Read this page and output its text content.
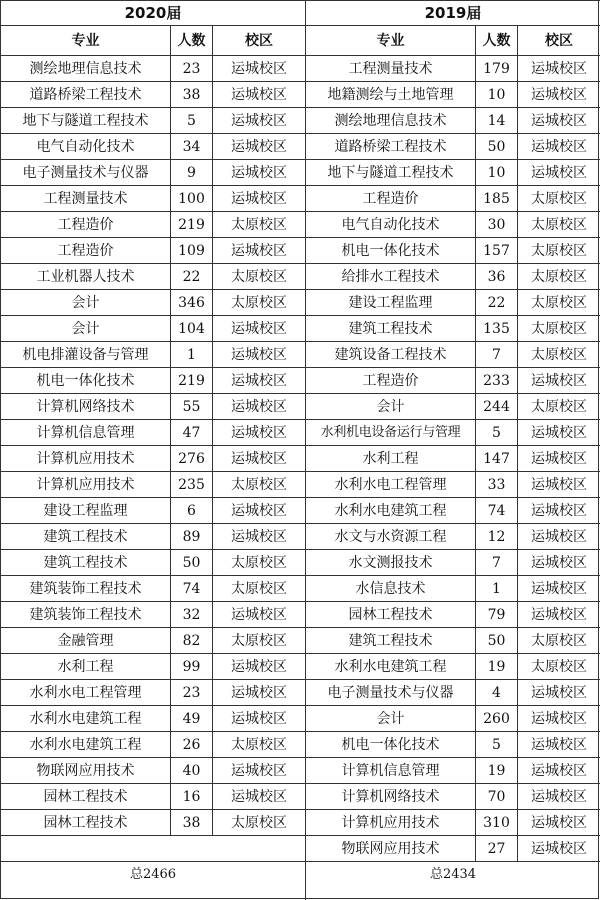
2020届		
专业	人数	校区
测绘地理信息技术	23	运城校区
道路桥梁工程技术	38	运城校区
地下与隧道工程技术	5	运城校区
电气自动化技术	34	运城校区
电子测量技术与仪器	9	运城校区
工程测量技术	100	运城校区
工程造价	219	太原校区
工程造价	109	运城校区
工业机器人技术	22	太原校区
会计	346	太原校区
会计	104	运城校区
机电排灌设备与管理	1	运城校区
机电一体化技术	219	运城校区
计算机网络技术	55	运城校区
计算机信息管理	47	运城校区
计算机应用技术	276	运城校区
计算机应用技术	235	太原校区
建设工程监理	6	运城校区
建筑工程技术	89	运城校区
建筑工程技术	50	太原校区
建筑装饰工程技术	74	太原校区
建筑装饰工程技术	32	运城校区
金融管理	82	太原校区
水利工程	99	运城校区
水利水电工程管理	23	运城校区
水利水电建筑工程	49	运城校区
水利水电建筑工程	26	太原校区
物联网应用技术	40	运城校区
园林工程技术	16	运城校区
园林工程技术	38	太原校区

总2466		
2019届		
专业	人数	校区
工程测量技术	179	运城校区
地籍测绘与土地管理	10	运城校区
测绘地理信息技术	14	运城校区
道路桥梁工程技术	50	运城校区
地下与隧道工程技术	10	运城校区
工程造价	185	太原校区
电气自动化技术	30	太原校区
机电一体化技术	157	太原校区
给排水工程技术	36	太原校区
建设工程监理	22	太原校区
建筑工程技术	135	太原校区
建筑设备工程技术	7	太原校区
工程造价	233	运城校区
会计	244	太原校区
水利机电设备运行与管理	5	运城校区
水利工程	147	运城校区
水利水电工程管理	33	运城校区
水利水电建筑工程	74	运城校区
水文与水资源工程	12	运城校区
水文测报技术	7	运城校区
水信息技术	1	运城校区
园林工程技术	79	运城校区
建筑工程技术	50	太原校区
水利水电建筑工程	19	太原校区
电子测量技术与仪器	4	运城校区
会计	260	运城校区
机电一体化技术	5	运城校区
计算机信息管理	19	运城校区
计算机网络技术	70	运城校区
计算机应用技术	310	运城校区
物联网应用技术	27	运城校区
总2434		
